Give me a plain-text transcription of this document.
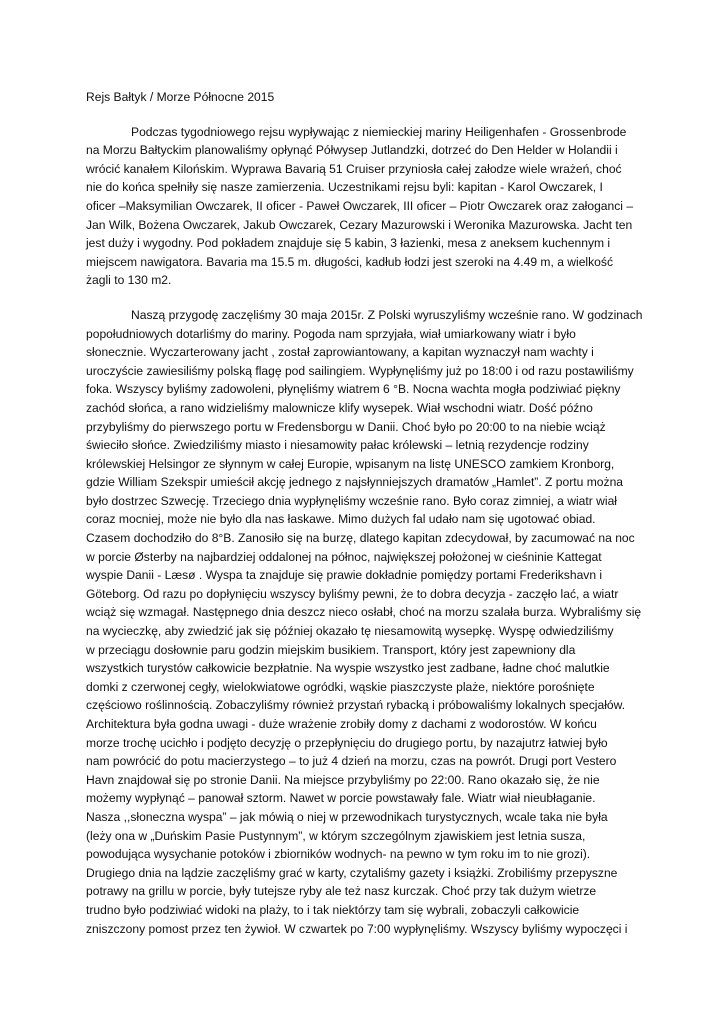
Rejs Bałtyk / Morze Północne 2015

Podczas tygodniowego rejsu wypływając z niemieckiej mariny Heiligenhafen - Grossenbrode
na Morzu Bałtyckim planowaliśmy opłynąć Półwysep Jutlandzki, dotrzeć do Den Helder w Holandii i
wrócić kanałem Kilońskim. Wyprawa Bavarią 51 Cruiser przyniosła całej załodze wiele wrażeń, choć
nie do końca spełniły się nasze zamierzenia. Uczestnikami rejsu byli: kapitan - Karol Owczarek, I
oficer –Maksymilian Owczarek, II oficer - Paweł Owczarek, III oficer – Piotr Owczarek oraz załoganci –
Jan Wilk, Bożena Owczarek, Jakub Owczarek, Cezary Mazurowski i Weronika Mazurowska. Jacht ten
jest duży i wygodny. Pod pokładem znajduje się 5 kabin, 3 łazienki, mesa z aneksem kuchennym i
miejscem nawigatora. Bavaria ma 15.5 m. długości, kadłub łodzi jest szeroki na 4.49 m, a wielkość
żagli to 130 m2.

Naszą przygodę zaczęliśmy 30 maja 2015r. Z Polski wyruszyliśmy wcześnie rano. W godzinach
popołudniowych dotarliśmy do mariny. Pogoda nam sprzyjała, wiał umiarkowany wiatr i było
słonecznie. Wyczarterowany jacht , został zaprowiantowany, a kapitan wyznaczył nam wachty i
uroczyście zawiesiliśmy polską flagę pod sailingiem. Wypłynęliśmy już po 18:00 i od razu postawiliśmy
foka. Wszyscy byliśmy zadowoleni, płynęliśmy wiatrem 6 °B. Nocna wachta mogła podziwiać piękny
zachód słońca, a rano widzieliśmy malownicze klify wysepek. Wiał wschodni wiatr. Dość późno
przybyliśmy do pierwszego portu w Fredensborgu w Danii. Choć było po 20:00 to na niebie wciąż
świeciło słońce. Zwiedziliśmy miasto i niesamowity pałac królewski – letnią rezydencje rodziny
królewskiej Helsingor ze słynnym w całej Europie, wpisanym na listę UNESCO zamkiem Kronborg,
gdzie William Szekspir umieścił akcję jednego z najsłynniejszych dramatów „Hamlet”. Z portu można
było dostrzec Szwecję. Trzeciego dnia wypłynęliśmy wcześnie rano. Było coraz zimniej, a wiatr wiał
coraz mocniej, może nie było dla nas łaskawe. Mimo dużych fal udało nam się ugotować obiad.
Czasem dochodziło do 8°B. Zanosiło się na burzę, dlatego kapitan zdecydował, by zacumować na noc
w porcie Østerby na najbardziej oddalonej na północ, największej położonej w cieśninie Kattegat
wyspie Danii - Læsø . Wyspa ta znajduje się prawie dokładnie pomiędzy portami Frederikshavn i
Göteborg. Od razu po dopłynięciu wszyscy byliśmy pewni, że to dobra decyzja - zaczęło lać, a wiatr
wciąż się wzmagał. Następnego dnia deszcz nieco osłabł, choć na morzu szalała burza. Wybraliśmy się
na wycieczkę, aby zwiedzić jak się później okazało tę niesamowitą wysepkę. Wyspę odwiedziliśmy
w przeciągu dosłownie paru godzin miejskim busikiem. Transport, który jest zapewniony dla
wszystkich turystów całkowicie bezpłatnie. Na wyspie wszystko jest zadbane, ładne choć malutkie
domki z czerwonej cegły, wielokwiatowe ogródki, wąskie piaszczyste plaże, niektóre porośnięte
częściowo roślinnością. Zobaczyliśmy również przystań rybacką i próbowaliśmy lokalnych specjałów.
Architektura była godna uwagi - duże wrażenie zrobiły domy z dachami z wodorostów. W końcu
morze trochę ucichło i podjęto decyzję o przepłynięciu do drugiego portu, by nazajutrz łatwiej było
nam powrócić do potu macierzystego – to już 4 dzień na morzu, czas na powrót. Drugi port Vestero
Havn znajdował się po stronie Danii. Na miejsce przybyliśmy po 22:00. Rano okazało się, że nie
możemy wypłynąć – panował sztorm. Nawet w porcie powstawały fale. Wiatr wiał nieubłaganie.
Nasza ,,słoneczna wyspa” – jak mówią o niej w przewodnikach turystycznych, wcale taka nie była
(leży ona w „Duńskim Pasie Pustynnym”, w którym szczególnym zjawiskiem jest letnia susza,
powodująca wysychanie potoków i zbiorników wodnych- na pewno w tym roku im to nie grozi).
Drugiego dnia na lądzie zaczęliśmy grać w karty, czytaliśmy gazety i książki. Zrobiliśmy przepyszne
potrawy na grillu w porcie, były tutejsze ryby ale też nasz kurczak. Choć przy tak dużym wietrze
trudno było podziwiać widoki na plaży, to i tak niektórzy tam się wybrali, zobaczyli całkowicie
zniszczony pomost przez ten żywioł. W czwartek po 7:00 wypłynęliśmy. Wszyscy byliśmy wypoczęci i
